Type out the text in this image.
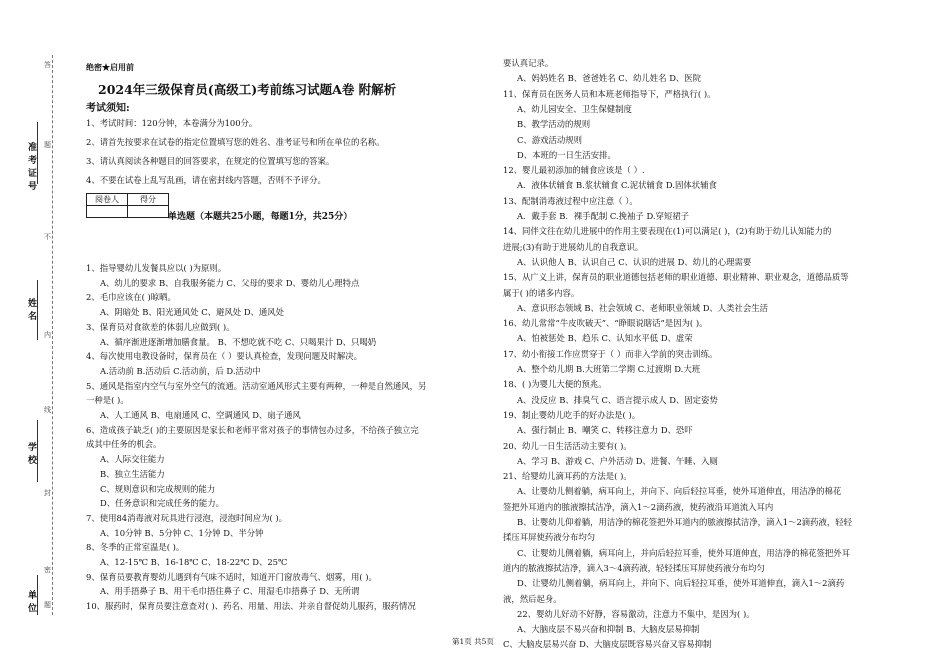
答
题
不
内
线
封
密
题
准考证号
姓名
学校
单位
绝密★启用前
2024年三级保育员(高级工)考前练习试题A卷 附解析
考试须知:
1、考试时间：120分钟，本卷满分为100分。
2、请首先按要求在试卷的指定位置填写您的姓名、准考证号和所在单位的名称。
3、请认真阅读各种题目的回答要求，在规定的位置填写您的答案。
4、不要在试卷上乱写乱画，请在密封线内答题，否则不予评分。
阅卷人	得分

单选题（本题共25小题，每题1分，共25分）
1、指导婴幼儿发餐具应以( )为原则。
A、幼儿的要求 B、自我服务能力 C、父母的要求 D、婴幼儿心理特点
2、毛巾应该在( )晾晒。
A、阴暗处 B、阳光通风处 C、避风处 D、通风处
3、保育员对食欲差的体弱儿应做到( )。
A、循序渐进逐渐增加膳食量。 B、不想吃就不吃 C、只喝果汁 D、只喝奶
4、每次使用电教设备时，保育员在（ ）要认真检查，发现问题及时解决。
A.活动前 B.活动后 C.活动前，后 D.活动中
5、通风是指室内空气与室外空气的流通。活动室通风形式主要有两种，一种是自然通风，另
一种是( )。
A、人工通风 B、电扇通风 C、空调通风 D、扇子通风
6、造成孩子缺乏( )的主要原因是家长和老师平常对孩子的事情包办过多，不给孩子独立完
成其中任务的机会。
A、人际交往能力
B、独立生活能力
C、规则意识和完成规则的能力
D、任务意识和完成任务的能力。
7、使用84消毒液对玩具进行浸泡，浸泡时间应为( )。
A、10分钟 B、5分钟 C、1分钟 D、半分钟
8、冬季的正常室温是( )。
A、12-15℃ B、16-18℃ C、18-22℃ D、25℃
9、保育员要教育婴幼儿遇到有气味不适时，知道开门窗放毒气、烟雾，用( )。
A、用手捂鼻子 B、用干毛巾捂住鼻子 C、用湿毛巾捂鼻子 D、无所谓
10、服药时，保育员要注意查对( )、药名、用量、用法、并亲自督促幼儿服药，服药情况
要认真记录。
A、妈妈姓名 B、爸爸姓名 C、幼儿姓名 D、医院
11、保育员在医务人员和本班老师指导下，严格执行( )。
A、幼儿园安全、卫生保健制度
B、教学活动的规则
C、游戏活动规则
D、本班的一日生活安排。
12、婴儿最初添加的辅食应该是（ ）.
A．液体状辅食 B.浆状辅食 C.泥状辅食 D.固体状辅食
13、配制消毒液过程中应注意（ ）。
A．戴手套 B．裸手配制 C.挽袖子 D.穿短裙子
14、同伴文往在幼儿进展中的作用主要表现在(1)可以满足( )，(2)有助于幼儿认知能力的
进展;(3)有助于进展幼儿的自我意识。
A、认识他人 B、认识自己 C、认识的进展 D、幼儿的心理需要
15、从广义上讲，保育员的职业道德包括老师的职业道德、职业精神、职业观念，道德品质等
属于( )的诸多内容。
A、意识形态领域 B、社会领域 C、老师职业领域 D、人类社会生活
16、幼儿常常“牛皮吹破天”、“睁眼说瞎话”是因为( )。
A、怕被惩处 B、趋乐 C、认知水平低 D、虚荣
17、幼小衔接工作应贯穿于（ ）而非入学前的突击训练。
A、整个幼儿期 B.大班第二学期 C.过渡期 D.大班
18、( )为婴儿大便的预兆。
A、没反应 B、排臭气 C、语言提示成人 D、固定姿势
19、制止婴幼儿吃手的好办法是( )。
A、强行制止 B、嘲笑 C、转移注意力 D、恐吓
20、幼儿一日生活活动主要有( )。
A、学习 B、游戏 C、户外活动 D、进餐、午睡、入厕
21、给婴幼儿滴耳药的方法是( )。
A、让婴幼儿侧着躺，病耳向上，并向下、向后轻拉耳垂，使外耳道伸直，用洁净的棉花
签把外耳道内的脓液擦拭洁净，滴入1～2滴药液，使药液沿耳道流入耳内
B、让婴幼儿仰着躺，用洁净的棉花签把外耳道内的脓液擦拭洁净，滴入1～2滴药液，轻轻
揉压耳屏使药液分布均匀
C、让婴幼儿侧着躺，病耳向上，并向后轻拉耳垂，使外耳道伸直，用洁净的棉花签把外耳
道内的脓液擦拭洁净，滴入3～4滴药液，轻轻揉压耳屏使药液分布均匀
D、让婴幼儿侧着躺，病耳向上，并向下、向后轻拉耳垂，使外耳道伸直，滴入1～2滴药
液，然后起身。
22、婴幼儿好动不好静，容易激动，注意力不集中，是因为( )。
A、大脑皮层不易兴奋和抑制 B、大脑皮层易抑制
C、大脑皮层易兴奋 D、大脑皮层既容易兴奋又容易抑制
第1页 共5页
